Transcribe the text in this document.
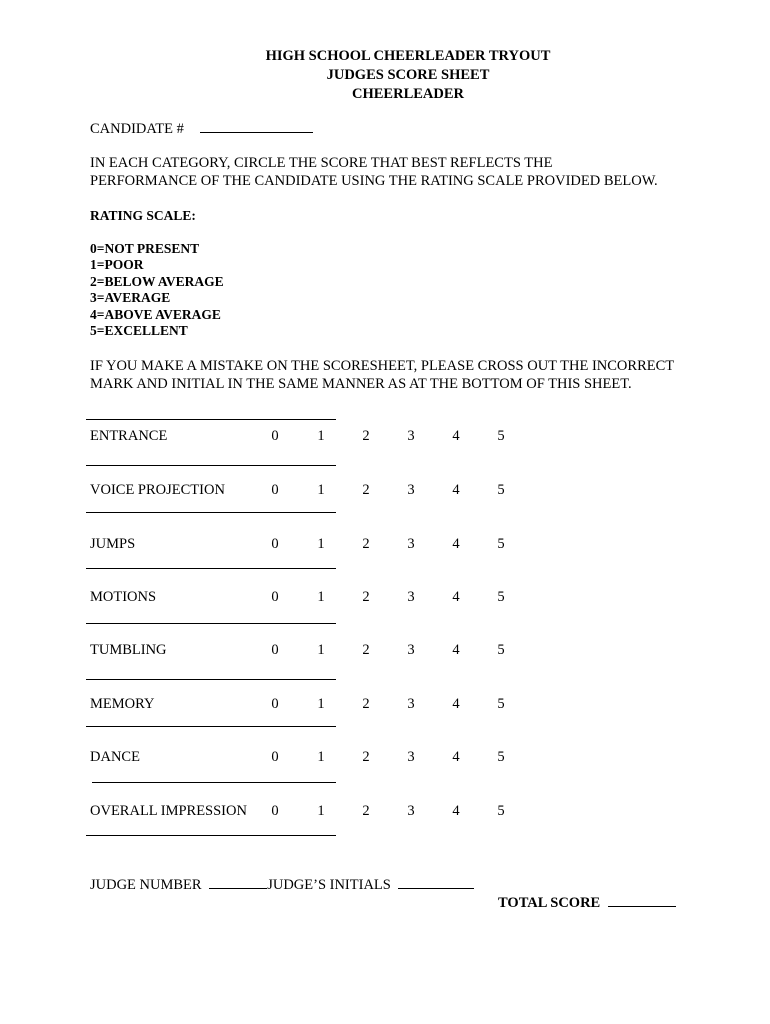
HIGH SCHOOL CHEERLEADER TRYOUT
JUDGES SCORE SHEET
CHEERLEADER
CANDIDATE #
IN EACH CATEGORY, CIRCLE THE SCORE THAT BEST REFLECTS THE
PERFORMANCE OF THE CANDIDATE USING THE RATING SCALE PROVIDED BELOW.
RATING SCALE:
0=NOT PRESENT
1=POOR
2=BELOW AVERAGE
3=AVERAGE
4=ABOVE AVERAGE
5=EXCELLENT
IF YOU MAKE A MISTAKE ON THE SCORESHEET, PLEASE CROSS OUT THE INCORRECT
MARK AND INITIAL IN THE SAME MANNER AS AT THE BOTTOM OF THIS SHEET.
ENTRANCE	0	1	2	3	4	5
VOICE PROJECTION	0	1	2	3	4	5
JUMPS	0	1	2	3	4	5
MOTIONS	0	1	2	3	4	5
TUMBLING	0	1	2	3	4	5
MEMORY	0	1	2	3	4	5
DANCE	0	1	2	3	4	5
OVERALL IMPRESSION 0	1	2	3	4	5
JUDGE NUMBER	JUDGE’S INITIALS
TOTAL SCORE
